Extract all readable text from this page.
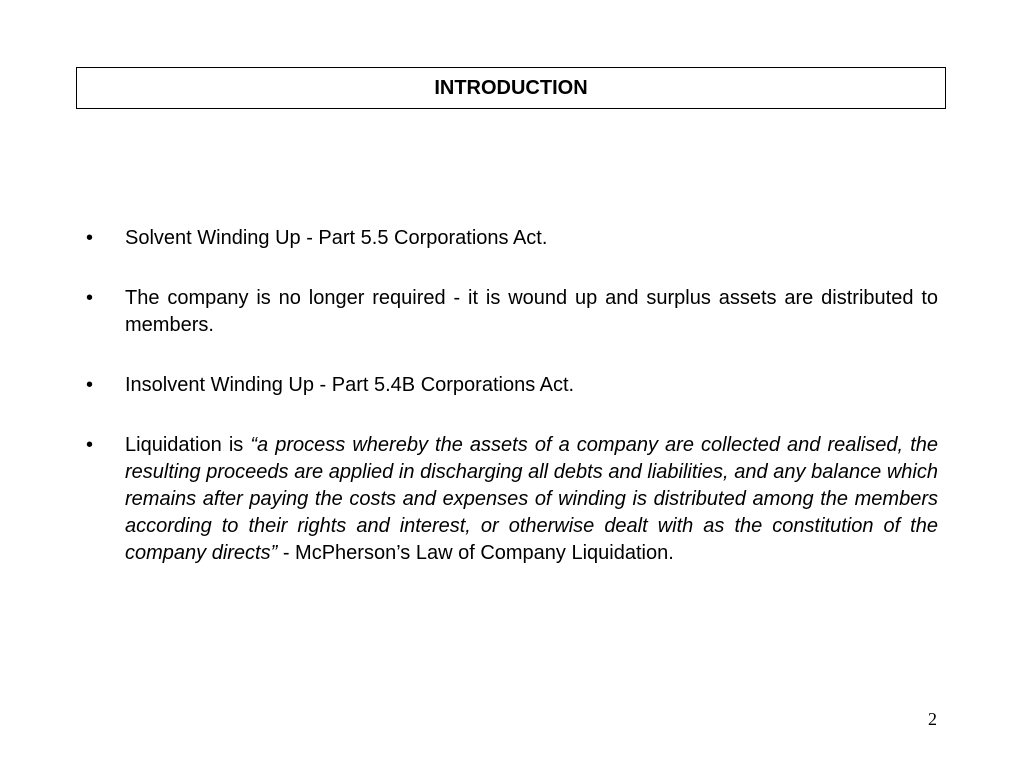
INTRODUCTION
• Solvent Winding Up - Part 5.5 Corporations Act.
• The company is no longer required - it is wound up and surplus assets are distributed to members.
• Insolvent Winding Up - Part 5.4B Corporations Act.
• Liquidation is “a process whereby the assets of a company are collected and realised, the resulting proceeds are applied in discharging all debts and liabilities, and any balance which remains after paying the costs and expenses of winding is distributed among the members according to their rights and interest, or otherwise dealt with as the constitution of the company directs” - McPherson’s Law of Company Liquidation.
2
